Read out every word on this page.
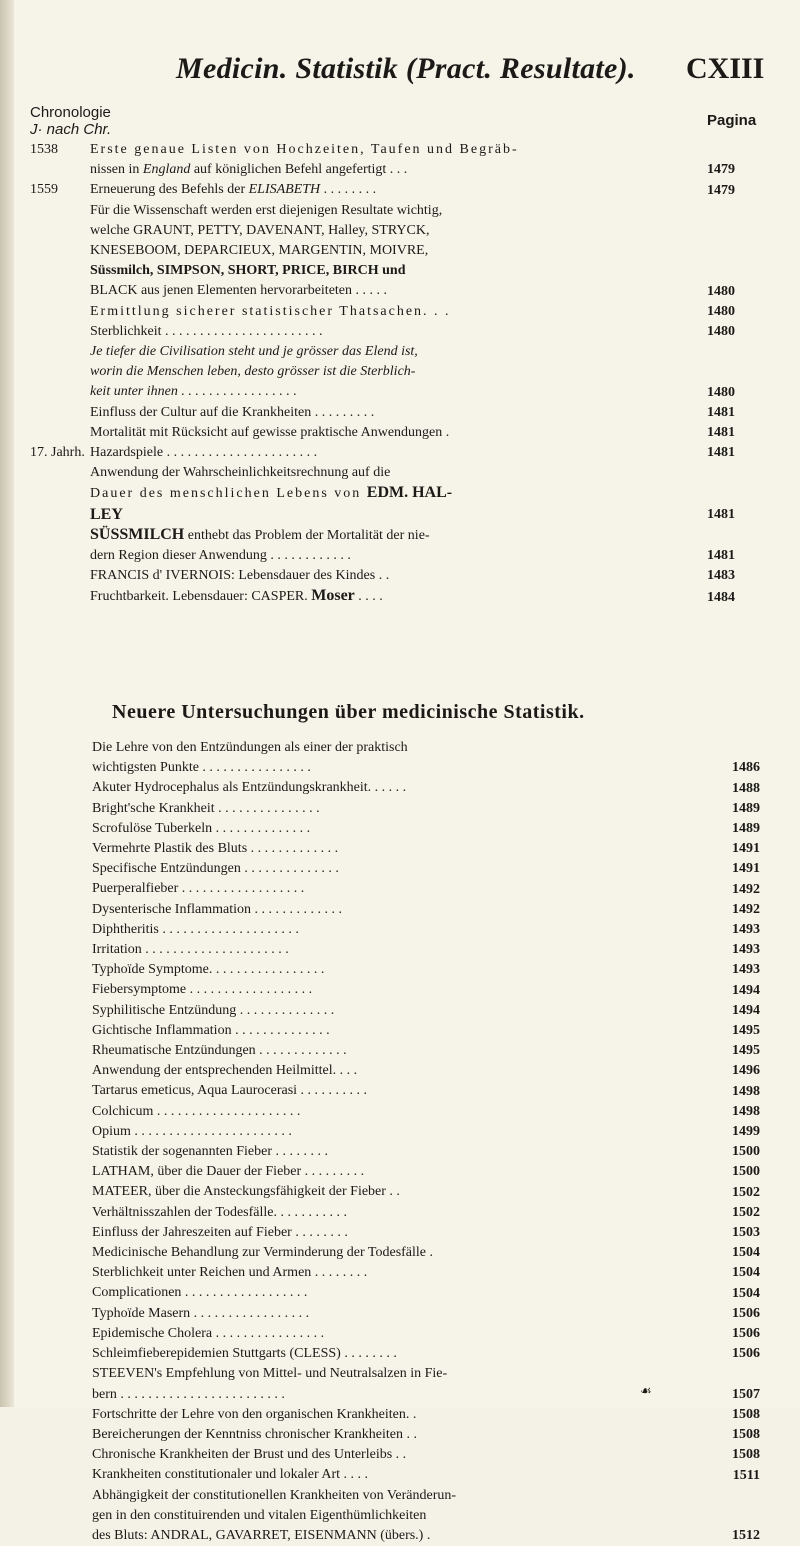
Medicin. Statistik (Pract. Resultate). CXIII
Chronologie
J· nach Chr.
Pagina
1538	Erste genaue Listen von Hochzeiten, Taufen und Begräb-
nissen in England auf königlichen Befehl angefertigt . . .	1479
1559	Erneuerung des Befehls der ELISABETH . . . . . . . .	1479
Für die Wissenschaft werden erst diejenigen Resultate wichtig,
welche GRAUNT, PETTY, DAVENANT, Halley, STRYCK,
KNESEBOOM, DEPARCIEUX, MARGENTIN, MOIVRE,
Süssmilch, SIMPSON, SHORT, PRICE, BIRCH und
BLACK aus jenen Elementen hervorarbeiteten . . . . .	1480
Ermittlung sicherer statistischer Thatsachen. . .	1480
Sterblichkeit . . . . . . . . . . . . . . . . . . . . . . .	1480
Je tiefer die Civilisation steht und je grösser das Elend ist,
worin die Menschen leben, desto grösser ist die Sterblich-
keit unter ihnen . . . . . . . . . . . . . . . . .	1480
Einfluss der Cultur auf die Krankheiten . . . . . . . . .	1481
Mortalität mit Rücksicht auf gewisse praktische Anwendungen .	1481
17. Jahrh. Hazardspiele . . . . . . . . . . . . . . . . . . . . . .	1481
Anwendung der Wahrscheinlichkeitsrechnung auf die
Dauer des menschlichen Lebens von EDM. HAL-
LEY	1481
SÜSSMILCH enthebt das Problem der Mortalität der nie-
dern Region dieser Anwendung . . . . . . . . . . . .	1481
FRANCIS d' IVERNOIS: Lebensdauer des Kindes . .	1483
Fruchtbarkeit. Lebensdauer: CASPER. Moser . . . .	1484
Neuere Untersuchungen über medicinische Statistik.
Die Lehre von den Entzündungen als einer der praktisch
wichtigsten Punkte . . . . . . . . . . . . . . . .	1486
Akuter Hydrocephalus als Entzündungskrankheit. . . . . .	1488
Bright'sche Krankheit . . . . . . . . . . . . . . .	1489
Scrofulöse Tuberkeln . . . . . . . . . . . . . .	1489
Vermehrte Plastik des Bluts . . . . . . . . . . . . .	1491
Specifische Entzündungen . . . . . . . . . . . . . .	1491
Puerperalfieber . . . . . . . . . . . . . . . . . .	1492
Dysenterische Inflammation . . . . . . . . . . . . .	1492
Diphtheritis . . . . . . . . . . . . . . . . . . . .	1493
Irritation . . . . . . . . . . . . . . . . . . . . .	1493
Typhoïde Symptome. . . . . . . . . . . . . . . . .	1493
Fiebersymptome . . . . . . . . . . . . . . . . . .	1494
Syphilitische Entzündung . . . . . . . . . . . . . .	1494
Gichtische Inflammation . . . . . . . . . . . . . .	1495
Rheumatische Entzündungen . . . . . . . . . . . . .	1495
Anwendung der entsprechenden Heilmittel. . . .	1496
Tartarus emeticus, Aqua Laurocerasi . . . . . . . . . .	1498
Colchicum . . . . . . . . . . . . . . . . . . . . .	1498
Opium . . . . . . . . . . . . . . . . . . . . . . .	1499
Statistik der sogenannten Fieber . . . . . . . .	1500
LATHAM, über die Dauer der Fieber . . . . . . . . .	1500
MATEER, über die Ansteckungsfähigkeit der Fieber . .	1502
Verhältnisszahlen der Todesfälle. . . . . . . . . . .	1502
Einfluss der Jahreszeiten auf Fieber . . . . . . . .	1503
Medicinische Behandlung zur Verminderung der Todesfälle .	1504
Sterblichkeit unter Reichen und Armen . . . . . . . .	1504
Complicationen . . . . . . . . . . . . . . . . . .	1504
Typhoïde Masern . . . . . . . . . . . . . . . . .	1506
Epidemische Cholera . . . . . . . . . . . . . . . .	1506
Schleimfieberepidemien Stuttgarts (CLESS) . . . . . . . .	1506
STEEVEN's Empfehlung von Mittel- und Neutralsalzen in Fie-
bern . . . . . . . . . . . . . . . . . . . . . . . .	1507
Fortschritte der Lehre von den organischen Krankheiten. .	1508
Bereicherungen der Kenntniss chronischer Krankheiten . .	1508
Chronische Krankheiten der Brust und des Unterleibs . .	1508
Krankheiten constitutionaler und lokaler Art . . . .	1511
Abhängigkeit der constitutionellen Krankheiten von Veränderun-
gen in den constituirenden und vitalen Eigenthümlichkeiten
des Bluts: ANDRAL, GAVARRET, EISENMANN (übers.) .	1512
☙
